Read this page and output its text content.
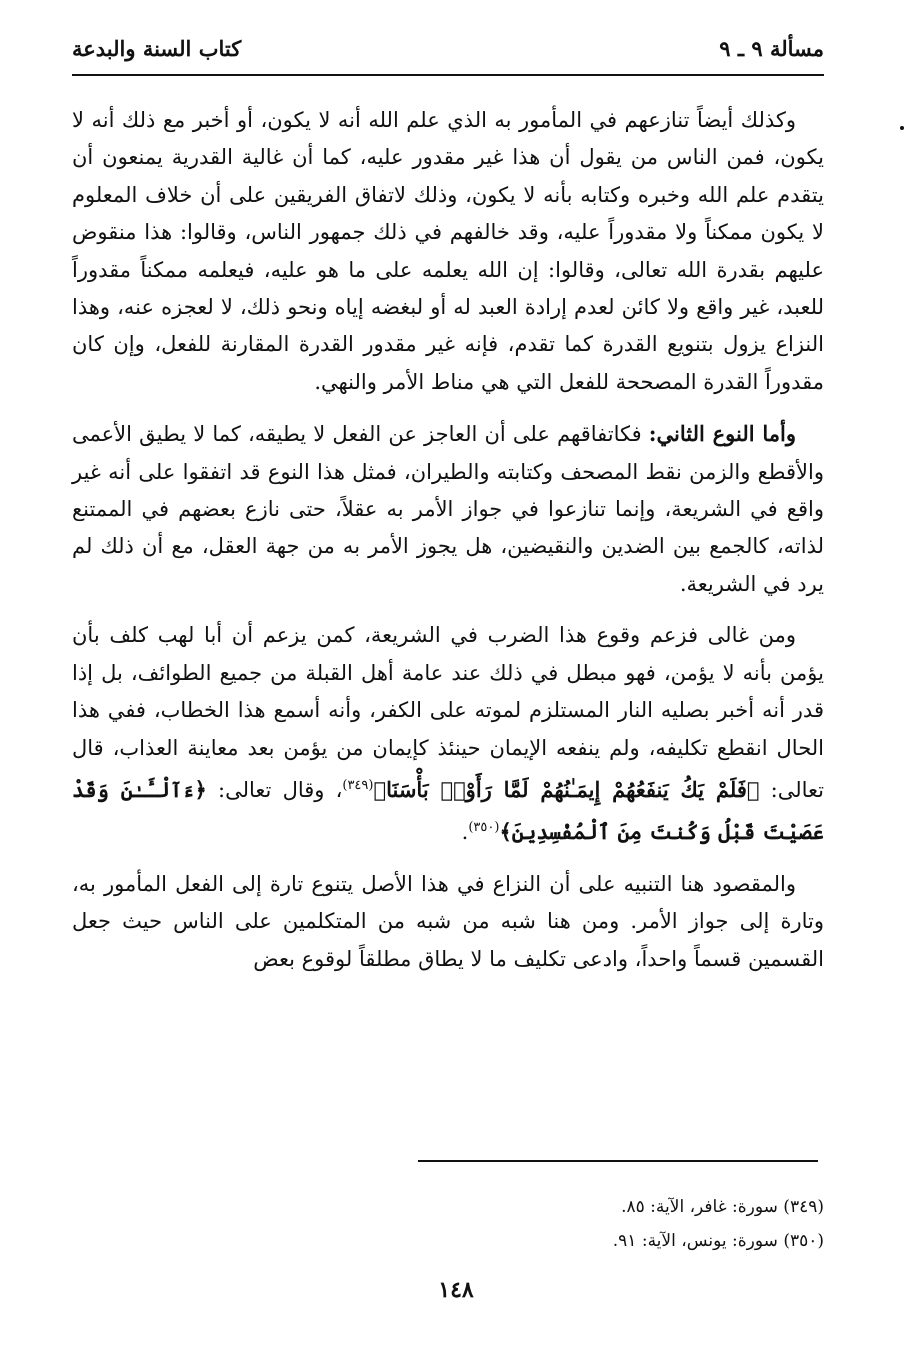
مسألة ٩ ـ ٩
كتاب السنة والبدعة

وكذلك أيضاً تنازعهم في المأمور به الذي علم الله أنه لا يكون، أو أخبر مع ذلك أنه لا يكون، فمن الناس من يقول أن هذا غير مقدور عليه، كما أن غالية القدرية يمنعون أن يتقدم علم الله وخبره وكتابه بأنه لا يكون، وذلك لاتفاق الفريقين على أن خلاف المعلوم لا يكون ممكناً ولا مقدوراً عليه، وقد خالفهم في ذلك جمهور الناس، وقالوا: هذا منقوض عليهم بقدرة الله تعالى، وقالوا: إن الله يعلمه على ما هو عليه، فيعلمه ممكناً مقدوراً للعبد، غير واقع ولا كائن لعدم إرادة العبد له أو لبغضه إياه ونحو ذلك، لا لعجزه عنه، وهذا النزاع يزول بتنويع القدرة كما تقدم، فإنه غير مقدور القدرة المقارنة للفعل، وإن كان مقدوراً القدرة المصححة للفعل التي هي مناط الأمر والنهي.

وأما النوع الثاني: فكاتفاقهم على أن العاجز عن الفعل لا يطيقه، كما لا يطيق الأعمى والأقطع والزمن نقط المصحف وكتابته والطيران، فمثل هذا النوع قد اتفقوا على أنه غير واقع في الشريعة، وإنما تنازعوا في جواز الأمر به عقلاً، حتى نازع بعضهم في الممتنع لذاته، كالجمع بين الضدين والنقيضين، هل يجوز الأمر به من جهة العقل، مع أن ذلك لم يرد في الشريعة.

ومن غالى فزعم وقوع هذا الضرب في الشريعة، كمن يزعم أن أبا لهب كلف بأن يؤمن بأنه لا يؤمن، فهو مبطل في ذلك عند عامة أهل القبلة من جميع الطوائف، بل إذا قدر أنه أخبر بصليه النار المستلزم لموته على الكفر، وأنه أسمع هذا الخطاب، ففي هذا الحال انقطع تكليفه، ولم ينفعه الإيمان حينئذ كإيمان من يؤمن بعد معاينة العذاب، قال تعالى: ﴿فَلَمْ يَكُ يَنفَعُهُمْ إِيمَـٰنُهُمْ لَمَّا رَأَوْا۟ بَأْسَنَا﴾$^{(٣٤٩)}$، وقال تعالى: ﴿ءَآلْـَٔـٰنَ وَقَدْ عَصَيْتَ قَبْلُ وَكُنتَ مِنَ ٱلْمُفْسِدِينَ﴾$^{(٣٥٠)}$.

والمقصود هنا التنبيه على أن النزاع في هذا الأصل يتنوع تارة إلى الفعل المأمور به، وتارة إلى جواز الأمر. ومن هنا شبه من شبه من المتكلمين على الناس حيث جعل القسمين قسماً واحداً، وادعى تكليف ما لا يطاق مطلقاً لوقوع بعض

(٣٤٩) سورة: غافر، الآية: ٨٥.
(٣٥٠) سورة: يونس، الآية: ٩١.
١٤٨
